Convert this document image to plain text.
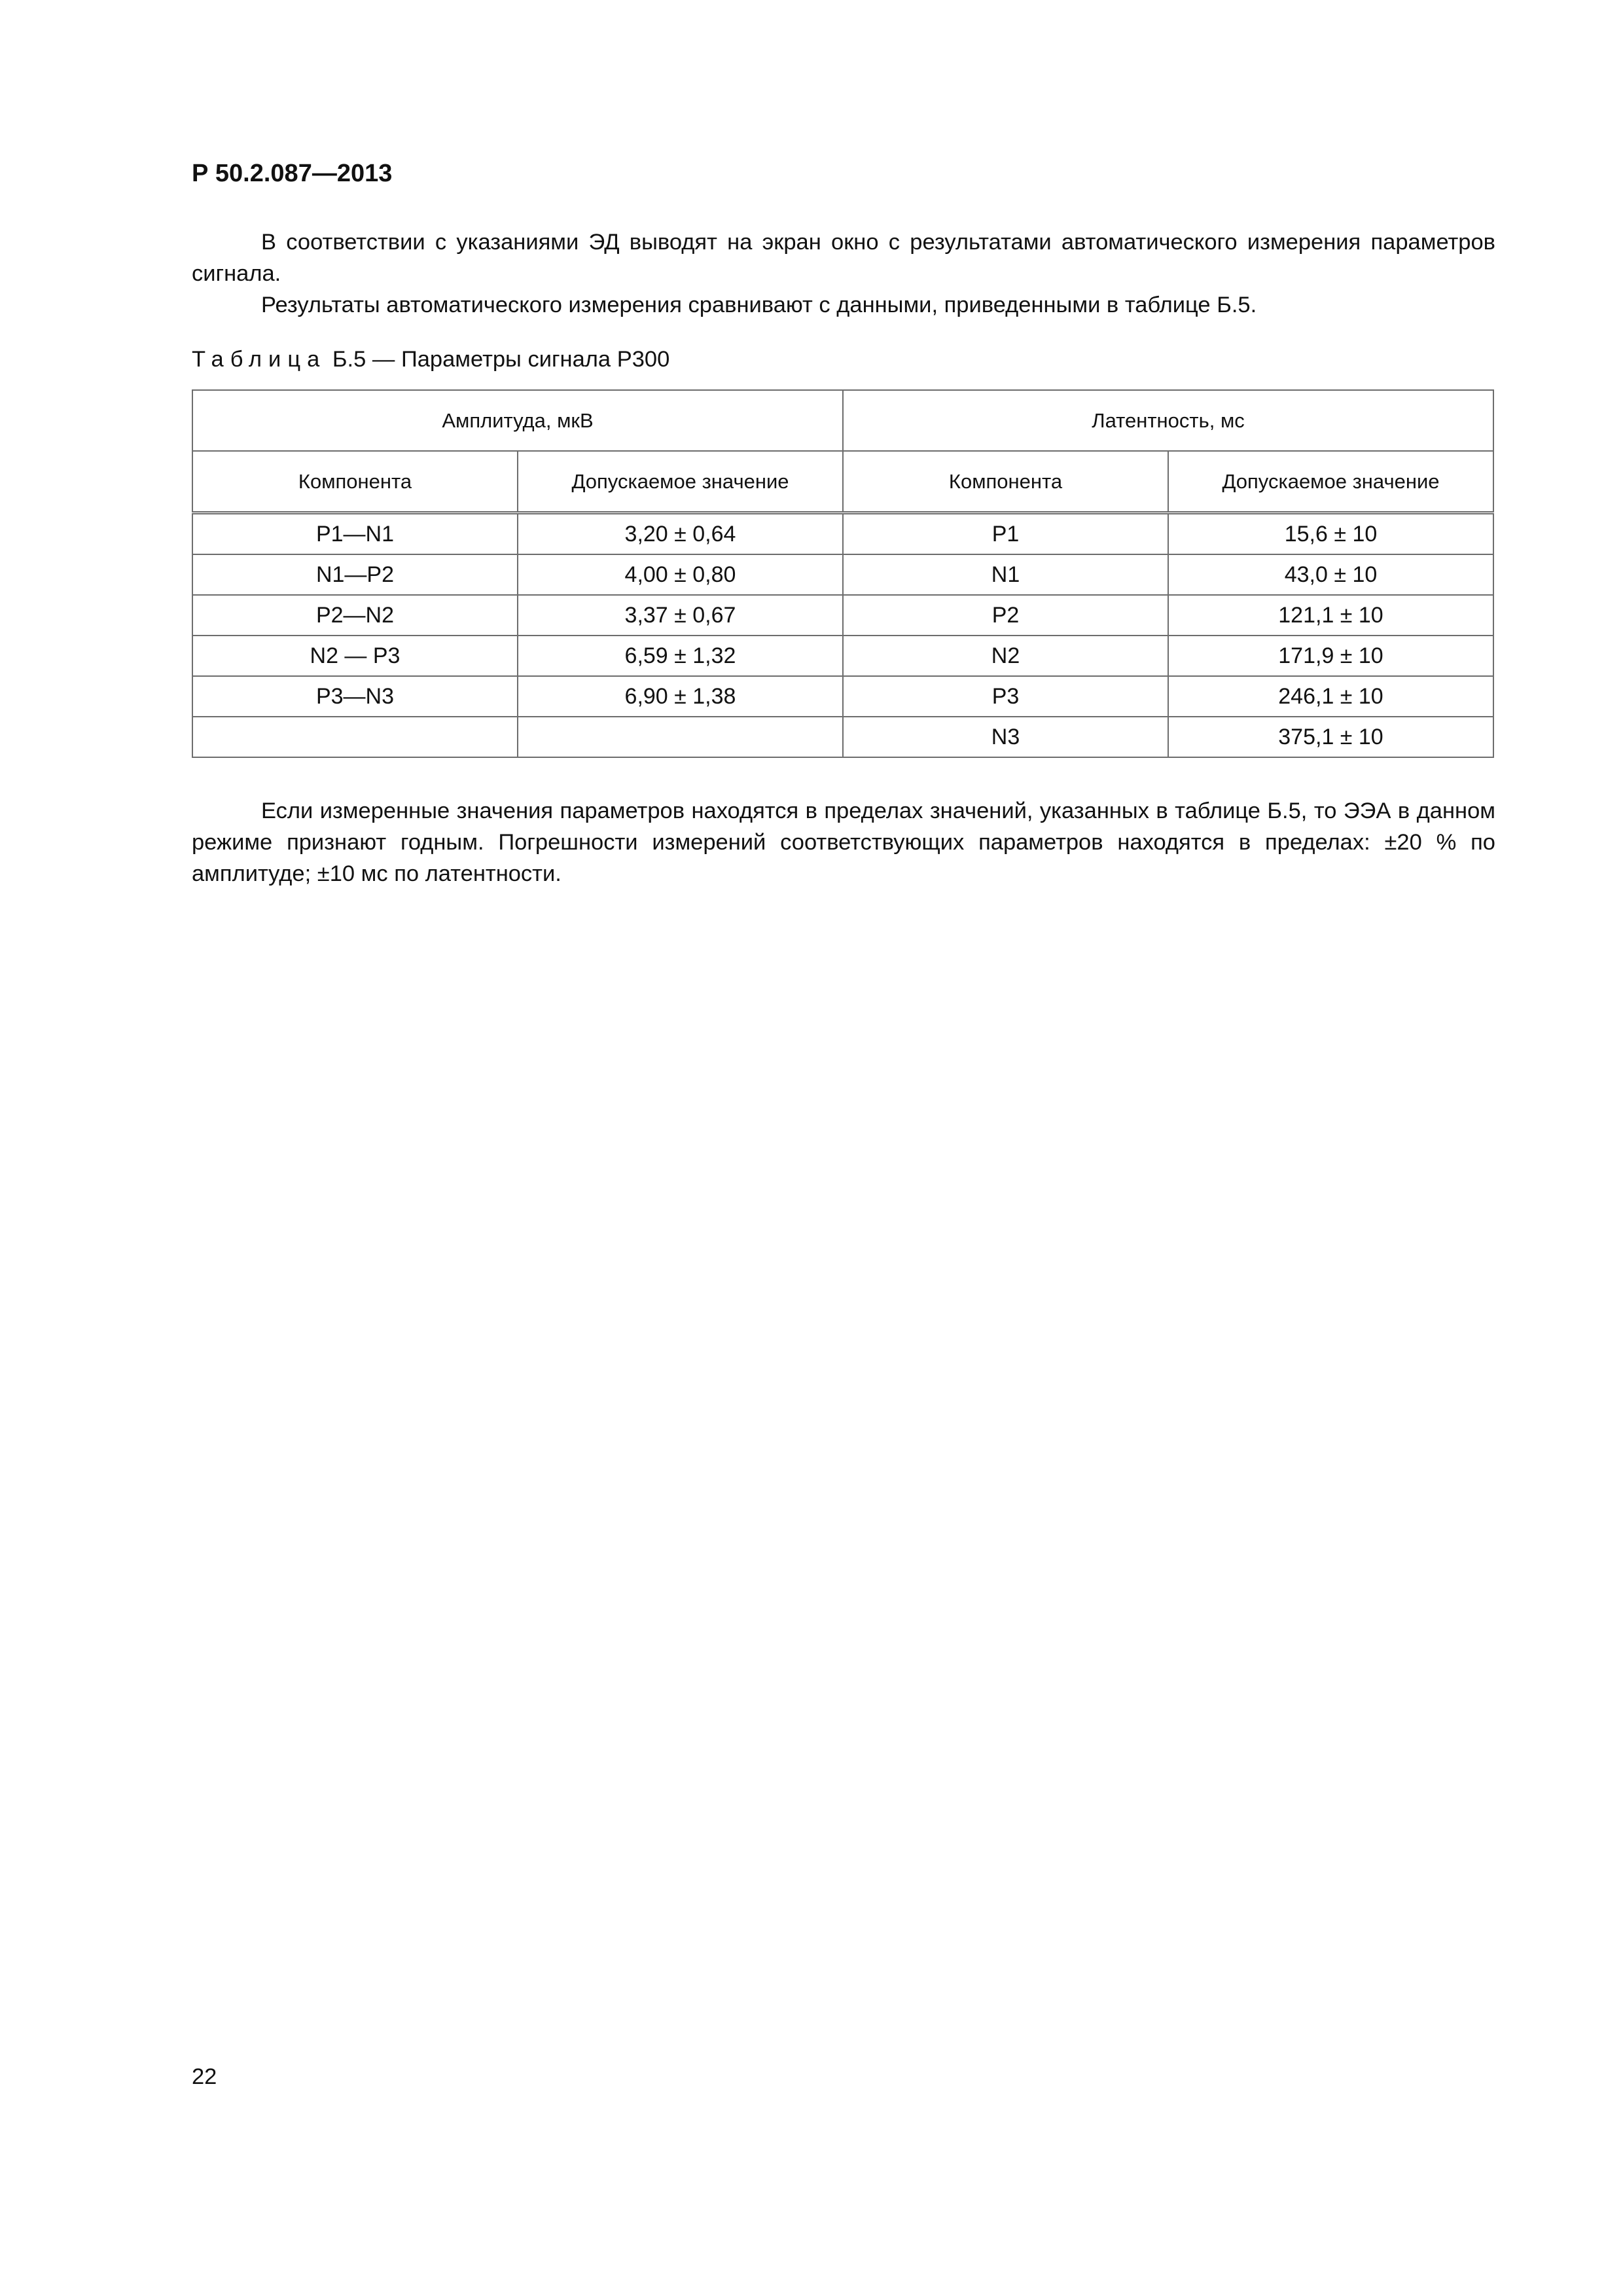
Р 50.2.087—2013

В соответствии с указаниями ЭД выводят на экран окно с результатами автоматического измерения параметров сигнала.

Результаты автоматического измерения сравнивают с данными, приведенными в таблице Б.5.

Таблица Б.5 — Параметры сигнала Р300

Амплитуда, мкВ		Латентность, мс	
Компонента	Допускаемое значение	Компонента	Допускаемое значение
P1—N1	3,20 ± 0,64	P1	15,6 ± 10
N1—P2	4,00 ± 0,80	N1	43,0 ± 10
P2—N2	3,37 ± 0,67	P2	121,1 ± 10
N2 — P3	6,59 ± 1,32	N2	171,9 ± 10
P3—N3	6,90 ± 1,38	P3	246,1 ± 10
		N3	375,1 ± 10

Если измеренные значения параметров находятся в пределах значений, указанных в таблице Б.5, то ЭЭА в данном режиме признают годным. Погрешности измерений соответствующих параметров находятся в пределах: ±20 % по амплитуде; ±10 мс по латентности.

22
